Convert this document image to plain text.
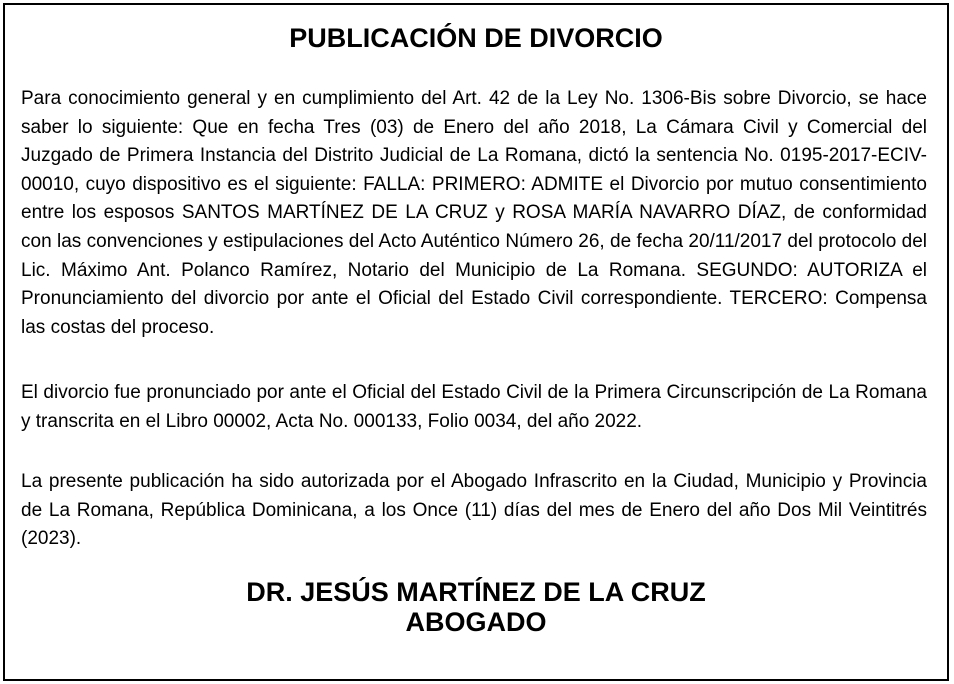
PUBLICACIÓN DE DIVORCIO

Para conocimiento general y en cumplimiento del Art. 42 de la Ley No. 1306-Bis sobre Divorcio, se hace saber lo siguiente: Que en fecha Tres (03) de Enero del año 2018, La Cámara Civil y Comercial del Juzgado de Primera Instancia del Distrito Judicial de La Romana, dictó la sentencia No. 0195-2017-ECIV-00010, cuyo dispositivo es el siguiente: FALLA: PRIMERO: ADMITE el Divorcio por mutuo consentimiento entre los esposos SANTOS MARTÍNEZ DE LA CRUZ y ROSA MARÍA NAVARRO DÍAZ, de conformidad con las convenciones y estipulaciones del Acto Auténtico Número 26, de fecha 20/11/2017 del protocolo del Lic. Máximo Ant. Polanco Ramírez, Notario del Municipio de La Romana. SEGUNDO: AUTORIZA el Pronunciamiento del divorcio por ante el Oficial del Estado Civil correspondiente. TERCERO: Compensa las costas del proceso.

El divorcio fue pronunciado por ante el Oficial del Estado Civil de la Primera Circunscripción de La Romana y transcrita en el Libro 00002, Acta No. 000133, Folio 0034, del año 2022.

La presente publicación ha sido autorizada por el Abogado Infrascrito en la Ciudad, Municipio y Provincia de La Romana, República Dominicana, a los Once (11) días del mes de Enero del año Dos Mil Veintitrés (2023).

DR. JESÚS MARTÍNEZ DE LA CRUZ
ABOGADO
